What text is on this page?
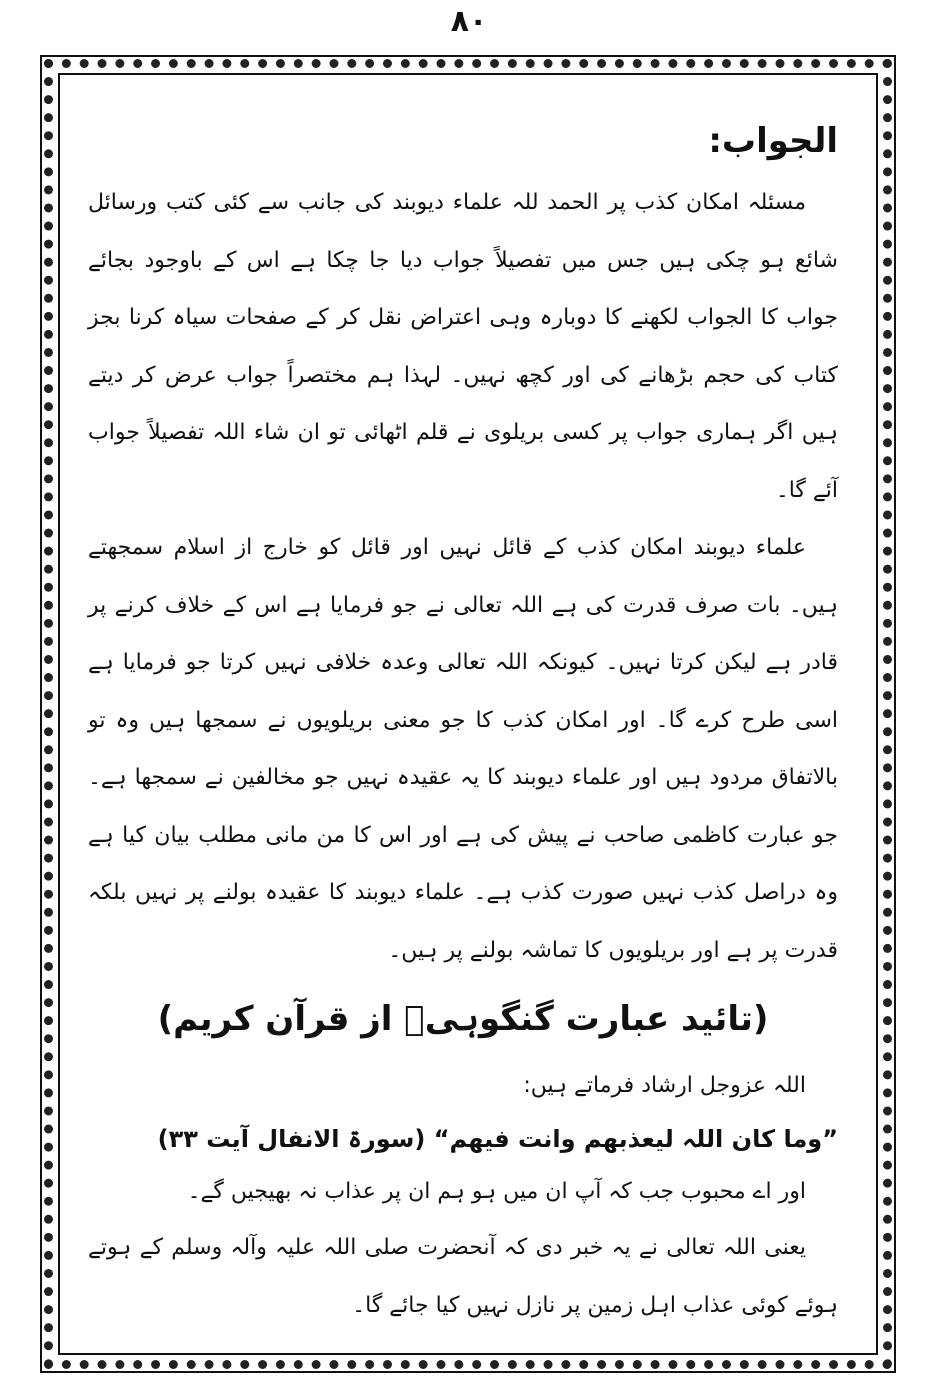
٨٠

الجواب:

مسئلہ امکان کذب پر الحمد للہ علماء دیوبند کی جانب سے کئی کتب ورسائل شائع ہو چکی ہیں جس میں تفصیلاً جواب دیا جا چکا ہے اس کے باوجود بجائے جواب کا الجواب لکھنے کا دوبارہ وہی اعتراض نقل کر کے صفحات سیاہ کرنا بجز کتاب کی حجم بڑھانے کی اور کچھ نہیں۔ لہذا ہم مختصراً جواب عرض کر دیتے ہیں اگر ہماری جواب پر کسی بریلوی نے قلم اٹھائی تو ان شاء اللہ تفصیلاً جواب آئے گا۔

علماء دیوبند امکان کذب کے قائل نہیں اور قائل کو خارج از اسلام سمجھتے ہیں۔ بات صرف قدرت کی ہے اللہ تعالی نے جو فرمایا ہے اس کے خلاف کرنے پر قادر ہے لیکن کرتا نہیں۔ کیونکہ اللہ تعالی وعدہ خلافی نہیں کرتا جو فرمایا ہے اسی طرح کرے گا۔ اور امکان کذب کا جو معنی بریلویوں نے سمجھا ہیں وہ تو بالاتفاق مردود ہیں اور علماء دیوبند کا یہ عقیدہ نہیں جو مخالفین نے سمجھا ہے۔ جو عبارت کاظمی صاحب نے پیش کی ہے اور اس کا من مانی مطلب بیان کیا ہے وہ دراصل کذب نہیں صورت کذب ہے۔ علماء دیوبند کا عقیدہ بولنے پر نہیں بلکہ قدرت پر ہے اور بریلویوں کا تماشہ بولنے پر ہیں۔

(تائید عبارت گنگوہیؒ از قرآن کریم)

اللہ عزوجل ارشاد فرماتے ہیں:

”وما کان اللہ لیعذبھم وانت فیھم“ (سورۃ الانفال آیت ۳۳)

اور اے محبوب جب کہ آپ ان میں ہو ہم ان پر عذاب نہ بھیجیں گے۔

یعنی اللہ تعالی نے یہ خبر دی کہ آنحضرت صلی اللہ علیہ وآلہ وسلم کے ہوتے ہوئے کوئی عذاب اہل زمین پر نازل نہیں کیا جائے گا۔
